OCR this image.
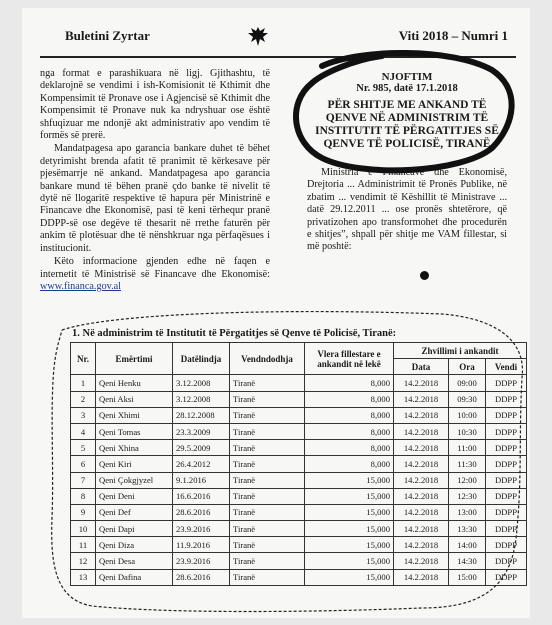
Buletini Zyrtar	Viti 2018 – Numri 1

nga format e parashikuara në ligj. Gjithashtu, të deklarojnë se vendimi i ish-Komisionit të Kthimit dhe Kompensimit të Pronave ose i Agjencisë së Kthimit dhe Kompensimit të Pronave nuk ka ndryshuar ose është shfuqizuar me ndonjë akt administrativ apo vendim të formës së prerë.

Mandatpagesa apo garancia bankare duhet të bëhet detyrimisht brenda afatit të pranimit të kërkesave për pjesëmarrje në ankand. Mandatpagesa apo garancia bankare mund të bëhen pranë çdo banke të nivelit të dytë në llogaritë respektive të hapura për Ministrinë e Financave dhe Ekonomisë, pasi të keni tërhequr pranë DDPP-së ose degëve të thesarit në rrethe faturën për ankim të plotësuar dhe të nënshkruar nga përfaqësues i institucionit.

Këto informacione gjenden edhe në faqen e internetit të Ministrisë së Financave dhe Ekonomisë: www.financa.gov.al

NJOFTIM
Nr. 985, datë 17.1.2018
PËR SHITJE ME ANKAND TË QENVE NË ADMINISTRIM TË INSTITUTIT TË PËRGATITJES SË QENVE TË POLICISË, TIRANË

Ministria e Financave dhe Ekonomisë, Drejtoria ... Administrimit të Pronës Publike, në zbatim ... vendimit të Këshillit të Ministrave ... datë 29.12.2011 ... ose pronës shtetërore, që privatizohen apo transformohet dhe procedurën e shitjes”, shpall për shitje me VAM fillestar, si më poshtë:

1. Në administrim të Institutit të Përgatitjes së Qenve të Policisë, Tiranë:
Nr.	Emërtimi	Datëlindja	Vendndodhja	Vlera fillestare e ankandit në lekë	Zhvillimi i ankandit		
					Data	Ora	Vendi
1	Qeni Henku	3.12.2008	Tiranë	8,000	14.2.2018	09:00	DDPP
2	Qeni Aksi	3.12.2008	Tiranë	8,000	14.2.2018	09:30	DDPP
3	Qeni Xhimi	28.12.2008	Tiranë	8,000	14.2.2018	10:00	DDPP
4	Qeni Tomas	23.3.2009	Tiranë	8,000	14.2.2018	10:30	DDPP
5	Qeni Xhina	29.5.2009	Tiranë	8,000	14.2.2018	11:00	DDPP
6	Qeni Kiri	26.4.2012	Tiranë	8,000	14.2.2018	11:30	DDPP
7	Qeni Çokgjyzel	9.1.2016	Tiranë	15,000	14.2.2018	12:00	DDPP
8	Qeni Deni	16.6.2016	Tiranë	15,000	14.2.2018	12:30	DDPP
9	Qeni Def	28.6.2016	Tiranë	15,000	14.2.2018	13:00	DDPP
10	Qeni Dapi	23.9.2016	Tiranë	15,000	14.2.2018	13:30	DDPP
11	Qeni Diza	11.9.2016	Tiranë	15,000	14.2.2018	14:00	DDPP
12	Qeni Desa	23.9.2016	Tiranë	15,000	14.2.2018	14:30	DDPP
13	Qeni Dafina	28.6.2016	Tiranë	15,000	14.2.2018	15:00	DDPP
